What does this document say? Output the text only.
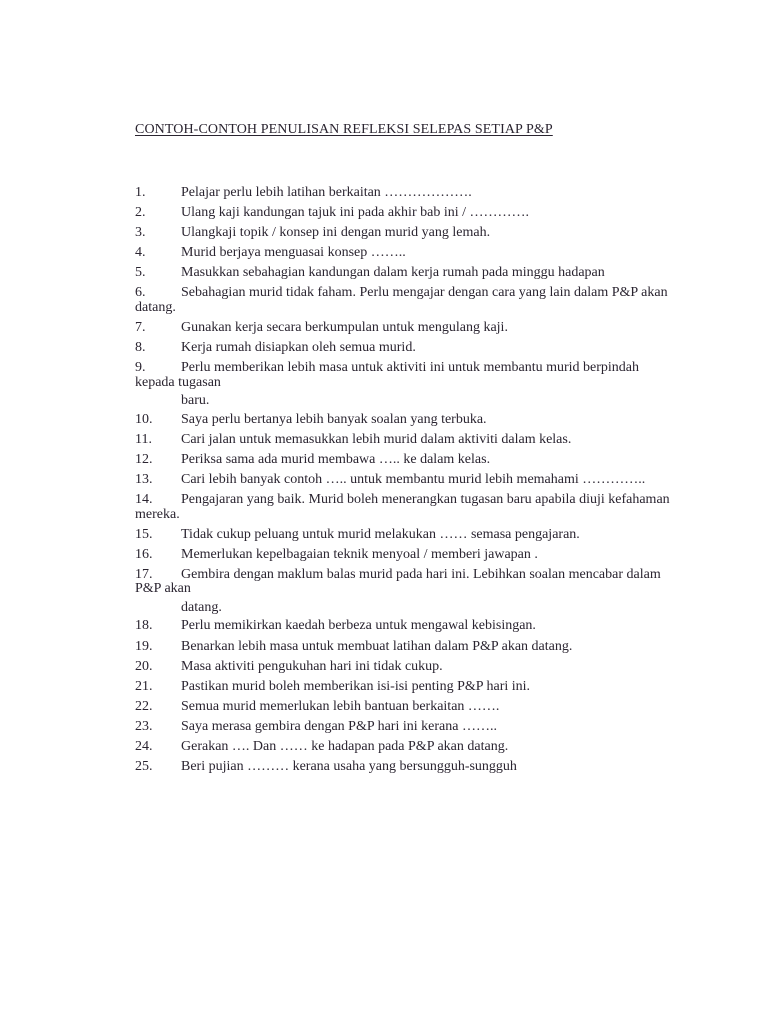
CONTOH-CONTOH PENULISAN REFLEKSI SELEPAS SETIAP P&P
1.	Pelajar perlu lebih latihan berkaitan ……………….
2.	Ulang kaji kandungan tajuk ini pada akhir bab ini / ………….
3.	Ulangkaji topik / konsep ini dengan murid yang lemah.
4.	Murid berjaya menguasai konsep ……..
5.	Masukkan sebahagian kandungan dalam kerja rumah pada minggu hadapan
6.	Sebahagian murid tidak faham. Perlu mengajar dengan cara yang lain dalam P&P akan datang.
7.	Gunakan kerja secara berkumpulan untuk mengulang kaji.
8.	Kerja rumah disiapkan oleh semua murid.
9.	Perlu memberikan lebih masa untuk aktiviti ini untuk membantu murid berpindah kepada tugasan
baru.
10. Saya perlu bertanya lebih banyak soalan yang terbuka.
11. Cari jalan untuk memasukkan lebih murid dalam aktiviti dalam kelas.
12. Periksa sama ada murid membawa ….. ke dalam kelas.
13. Cari lebih banyak contoh ….. untuk membantu murid lebih memahami …………..
14. Pengajaran yang baik. Murid boleh menerangkan tugasan baru apabila diuji kefahaman mereka.
15. Tidak cukup peluang untuk murid melakukan …… semasa pengajaran.
16. Memerlukan kepelbagaian teknik menyoal / memberi jawapan .
17. Gembira dengan maklum balas murid pada hari ini. Lebihkan soalan mencabar dalam P&P akan
datang.
18. Perlu memikirkan kaedah berbeza untuk mengawal kebisingan.
19. Benarkan lebih masa untuk membuat latihan dalam P&P akan datang.
20. Masa aktiviti pengukuhan hari ini tidak cukup.
21. Pastikan murid boleh memberikan isi-isi penting P&P hari ini.
22. Semua murid memerlukan lebih bantuan berkaitan …….
23. Saya merasa gembira dengan P&P hari ini kerana ……..
24. Gerakan …. Dan …… ke hadapan pada P&P akan datang.
25. Beri pujian ……… kerana usaha yang bersungguh-sungguh
